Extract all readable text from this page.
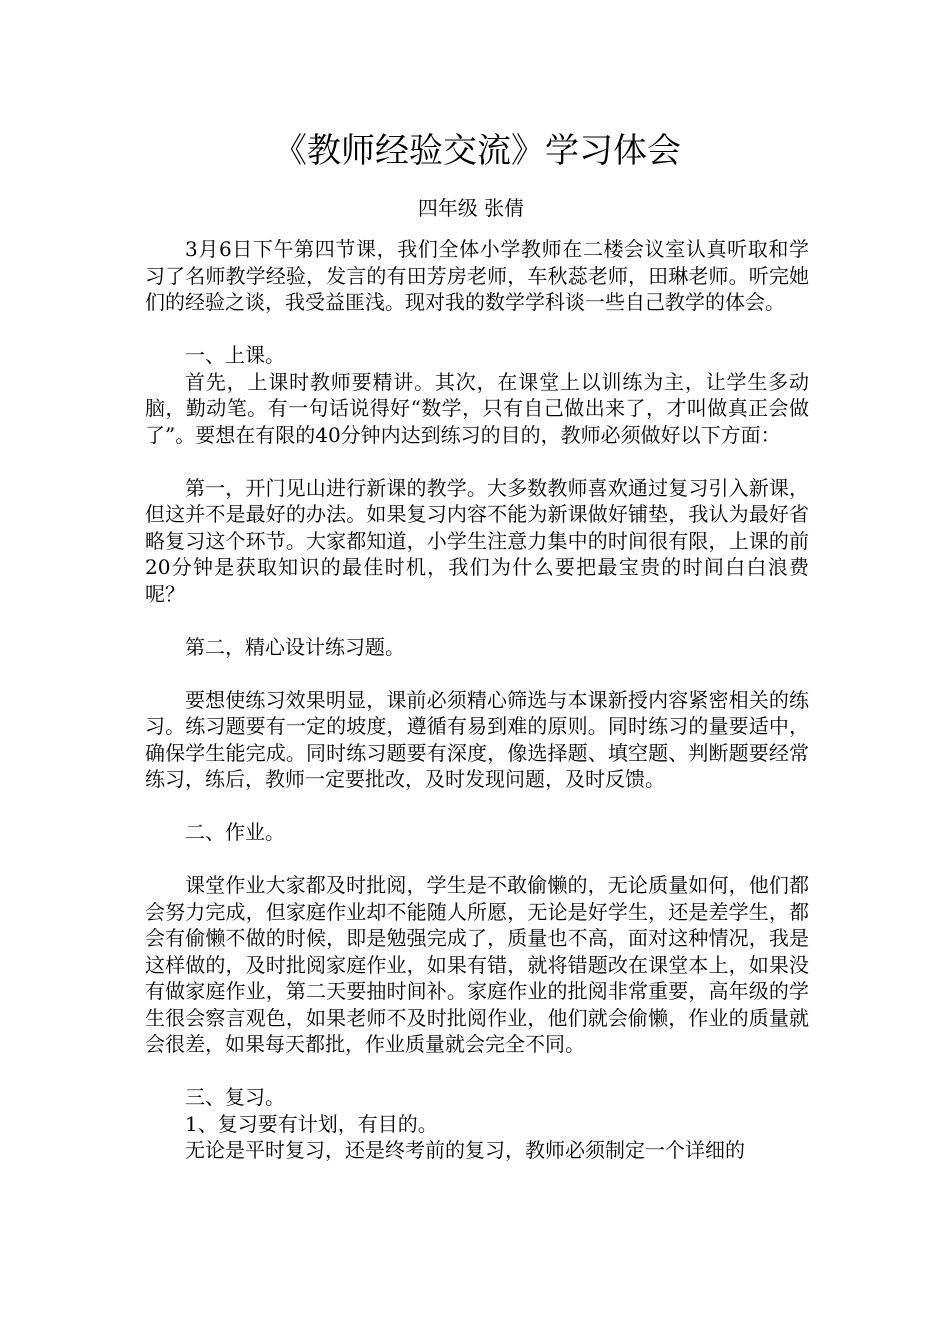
《教师经验交流》学习体会
四年级 张倩

3月6日下午第四节课，我们全体小学教师在二楼会议室认真听取和学习了名师教学经验，发言的有田芳房老师，车秋蕊老师，田琳老师。听完她们的经验之谈，我受益匪浅。现对我的数学学科谈一些自己教学的体会。

一、上课。

首先，上课时教师要精讲。其次，在课堂上以训练为主，让学生多动脑，勤动笔。有一句话说得好“数学，只有自己做出来了，才叫做真正会做了”。要想在有限的40分钟内达到练习的目的，教师必须做好以下方面：

第一，开门见山进行新课的教学。大多数教师喜欢通过复习引入新课，但这并不是最好的办法。如果复习内容不能为新课做好铺垫，我认为最好省略复习这个环节。大家都知道，小学生注意力集中的时间很有限，上课的前20分钟是获取知识的最佳时机，我们为什么要把最宝贵的时间白白浪费呢？

第二，精心设计练习题。

要想使练习效果明显，课前必须精心筛选与本课新授内容紧密相关的练习。练习题要有一定的坡度，遵循有易到难的原则。同时练习的量要适中，确保学生能完成。同时练习题要有深度，像选择题、填空题、判断题要经常练习，练后，教师一定要批改，及时发现问题，及时反馈。

二、作业。

课堂作业大家都及时批阅，学生是不敢偷懒的，无论质量如何，他们都会努力完成，但家庭作业却不能随人所愿，无论是好学生，还是差学生，都会有偷懒不做的时候，即是勉强完成了，质量也不高，面对这种情况，我是这样做的，及时批阅家庭作业，如果有错，就将错题改在课堂本上，如果没有做家庭作业，第二天要抽时间补。家庭作业的批阅非常重要，高年级的学生很会察言观色，如果老师不及时批阅作业，他们就会偷懒，作业的质量就会很差，如果每天都批，作业质量就会完全不同。

三、复习。

1、复习要有计划，有目的。

无论是平时复习，还是终考前的复习，教师必须制定一个详细的
